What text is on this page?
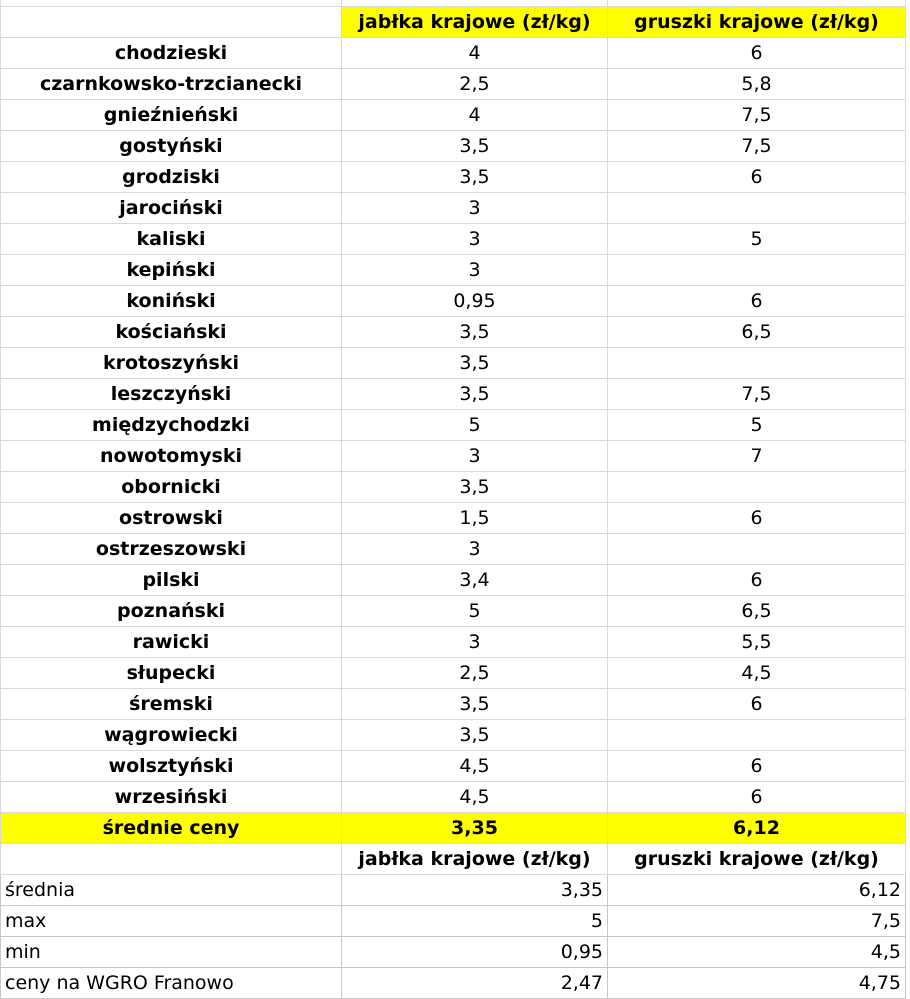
	jabłka krajowe (zł/kg)	gruszki krajowe (zł/kg)
chodzieski	4	6
czarnkowsko-trzcianecki	2,5	5,8
gnieźnieński	4	7,5
gostyński	3,5	7,5
grodziski	3,5	6
jarociński	3	
kaliski	3	5
kepiński	3	
koniński	0,95	6
kościański	3,5	6,5
krotoszyński	3,5	
leszczyński	3,5	7,5
międzychodzki	5	5
nowotomyski	3	7
obornicki	3,5	
ostrowski	1,5	6
ostrzeszowski	3	
pilski	3,4	6
poznański	5	6,5
rawicki	3	5,5
słupecki	2,5	4,5
śremski	3,5	6
wągrowiecki	3,5	
wolsztyński	4,5	6
wrzesiński	4,5	6
średnie ceny	3,35	6,12
	jabłka krajowe (zł/kg)	gruszki krajowe (zł/kg)
średnia	3,35	6,12
max	5	7,5
min	0,95	4,5
ceny na WGRO Franowo	2,47	4,75
